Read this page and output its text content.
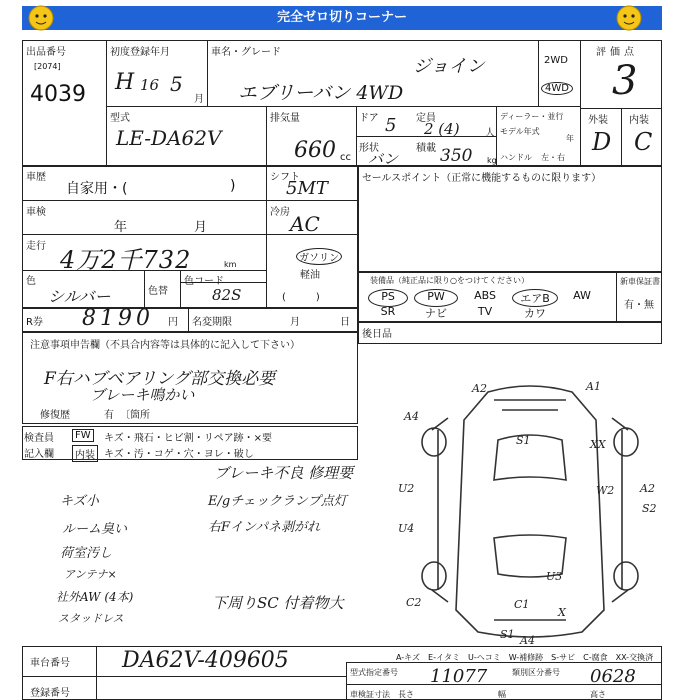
完全ゼロ切りコーナー
出品番号
[2074]
4039
初度登録年月
H 16 5
月
車名・グレード
ジョイン
エブリーバン 4WD
2WD
4WD
評価点
3
型式
LE-DA62V
排気量
660 cc
ドア 5 定員
2 (4)	人
形状
バン
積載 350 kg
ディーラー・並行
モデル年式
年
ハンドル 左・右
外装
D
内装
C
車歴
自家用・(	)
車検
年	月
走行 4万2千732	km
色
シルバー	色替
色コード
82S
シフト
5MT
冷房 AC
ガソリン
軽油
(　　　)
セールスポイント（正常に機能するものに限ります）
装備品（純正品に限り○をつけてください）
PS	PW	ABS	エアB	AW
SR	ナビ	TV	カワ
新車保証書
有・無
後日品
R券 8190 円 名変期限	月	日
注意事項申告欄（不具合内容等は具体的に記入して下さい）
F右ハブベアリング部交換必要
ブレーキ鳴かい
修復歴	有 〔箇所
検査員
記入欄
FW	キズ・飛石・ヒビ割・リペア跡・×要
内装 キズ・汚・コゲ・穴・ヨレ・破し
ブレーキ不良 修理要
E/gチェックランプ点灯
右Fインパネ剥がれ
下周りSC 付着物大
キズ小
ルーム臭い
荷室汚し
アンテナ×
社外AW (4本)
スタッドレス
A2	A1
A4
S1	XX
U2
U4
A2
S2
W2
U3
C2	C1
X
A4
S1
A-キズ　E-イタミ　U-ヘコミ　W-補修跡　S-サビ　C-腐食　XX-交換済
車台番号 DA62V-409605
登録番号
型式指定番号 11077	類別区分番号 0628
車検証寸法 長さ	幅	高さ
